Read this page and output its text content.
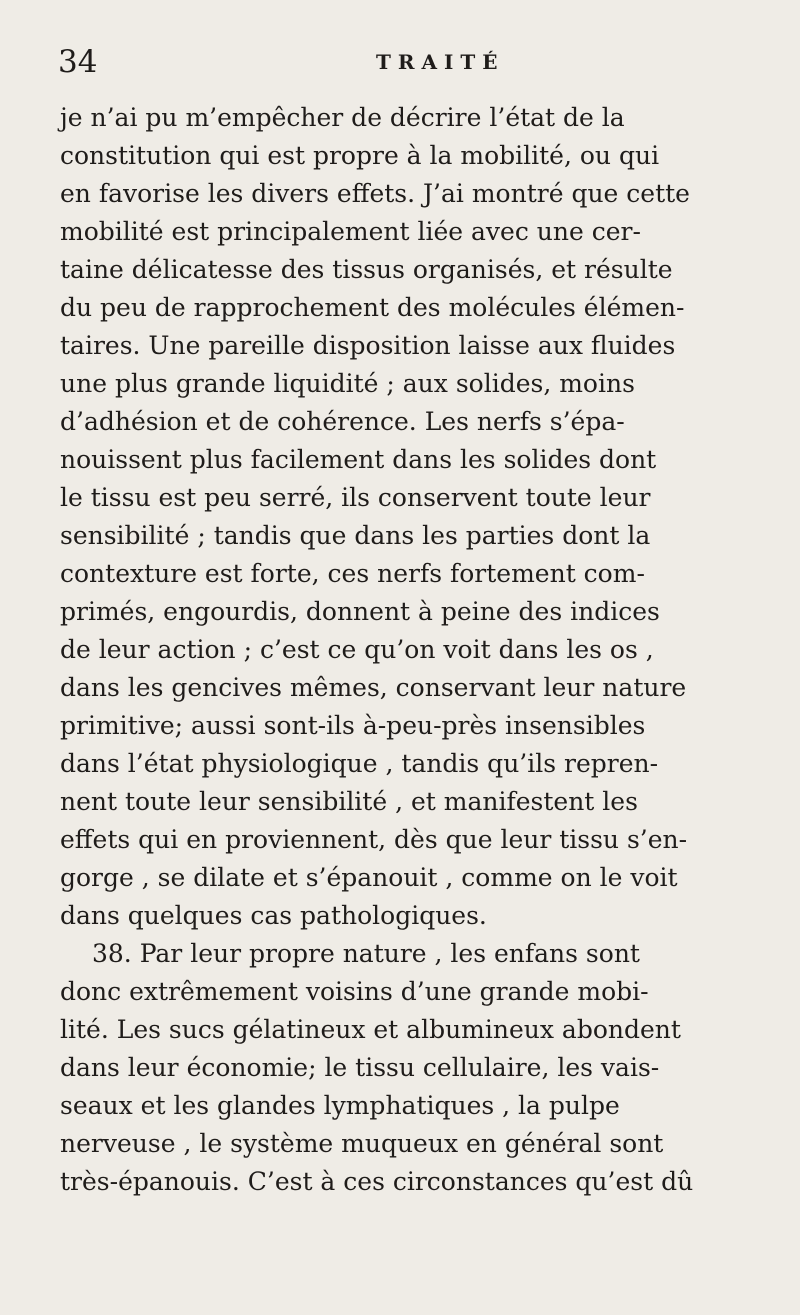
34	TRAITÉ
je n’ai pu m’empêcher de décrire l’état de la
constitution qui est propre à la mobilité, ou qui
en favorise les divers effets. J’ai montré que cette
mobilité est principalement liée avec une cer-
taine délicatesse des tissus organisés, et résulte
du peu de rapprochement des molécules élémen-
taires. Une pareille disposition laisse aux fluides
une plus grande liquidité ; aux solides, moins
d’adhésion et de cohérence. Les nerfs s’épa-
nouissent plus facilement dans les solides dont
le tissu est peu serré, ils conservent toute leur
sensibilité ; tandis que dans les parties dont la
contexture est forte, ces nerfs fortement com-
primés, engourdis, donnent à peine des indices
de leur action ; c’est ce qu’on voit dans les os ,
dans les gencives mêmes, conservant leur nature
primitive; aussi sont-ils à-peu-près insensibles
dans l’état physiologique , tandis qu’ils repren-
nent toute leur sensibilité , et manifestent les
effets qui en proviennent, dès que leur tissu s’en-
gorge , se dilate et s’épanouit , comme on le voit
dans quelques cas pathologiques.
38. Par leur propre nature , les enfans sont
donc extrêmement voisins d’une grande mobi-
lité. Les sucs gélatineux et albumineux abondent
dans leur économie; le tissu cellulaire, les vais-
seaux et les glandes lymphatiques , la pulpe
nerveuse , le système muqueux en général sont
très-épanouis. C’est à ces circonstances qu’est dû
